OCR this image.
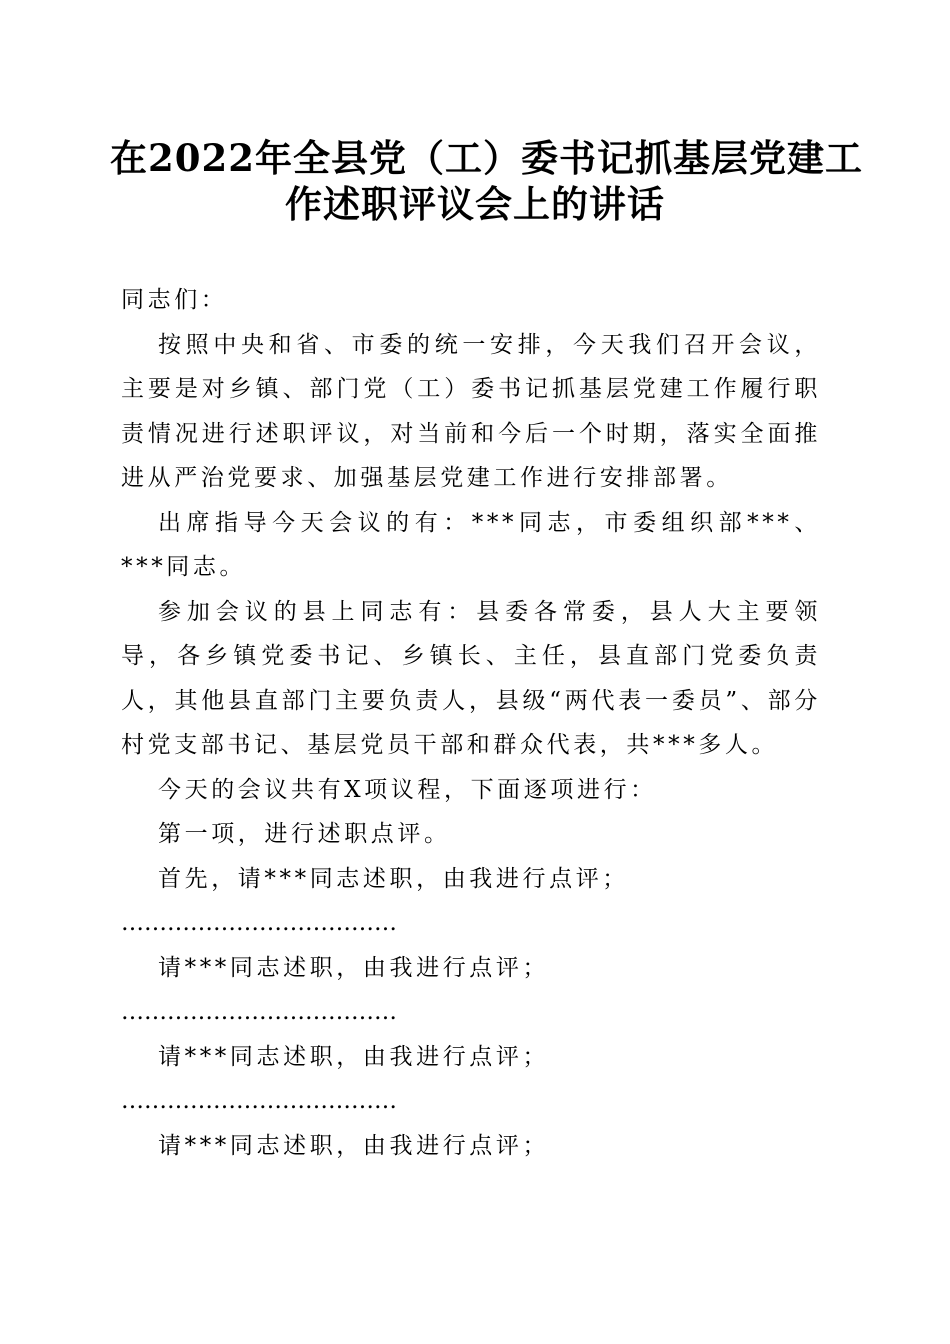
在2022年全县党（工）委书记抓基层党建工
作述职评议会上的讲话

同志们：

按照中央和省、市委的统一安排，今天我们召开会议，主要是对乡镇、部门党（工）委书记抓基层党建工作履行职责情况进行述职评议，对当前和今后一个时期，落实全面推进从严治党要求、加强基层党建工作进行安排部署。

出席指导今天会议的有：***同志，市委组织部***、***同志。

参加会议的县上同志有：县委各常委，县人大主要领导，各乡镇党委书记、乡镇长、主任，县直部门党委负责人，其他县直部门主要负责人，县级“两代表一委员”、部分村党支部书记、基层党员干部和群众代表，共***多人。

今天的会议共有X项议程，下面逐项进行：

第一项，进行述职点评。

首先，请***同志述职，由我进行点评；

………………………………

请***同志述职，由我进行点评；

………………………………

请***同志述职，由我进行点评；

………………………………

请***同志述职，由我进行点评；
